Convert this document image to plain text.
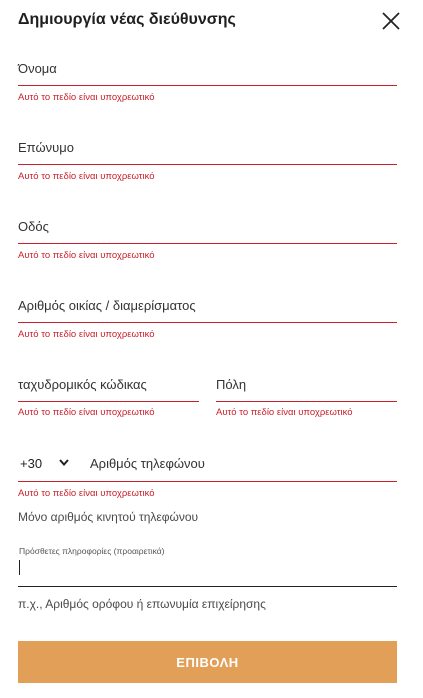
Δημιουργία νέας διεύθυνσης
Όνομα
Αυτό το πεδίο είναι υποχρεωτικό
Επώνυμο
Αυτό το πεδίο είναι υποχρεωτικό
Οδός
Αυτό το πεδίο είναι υποχρεωτικό
Αριθμός οικίας / διαμερίσματος
Αυτό το πεδίο είναι υποχρεωτικό
ταχυδρομικός κώδικας
Αυτό το πεδίο είναι υποχρεωτικό
Πόλη
Αυτό το πεδίο είναι υποχρεωτικό
+30	Αριθμός τηλεφώνου
Αυτό το πεδίο είναι υποχρεωτικό
Μόνο αριθμός κινητού τηλεφώνου
Πρόσθετες πληροφορίες (προαιρετικά)
π.χ., Αριθμός ορόφου ή επωνυμία επιχείρησης
ΕΠΙΒΟΛΗ
